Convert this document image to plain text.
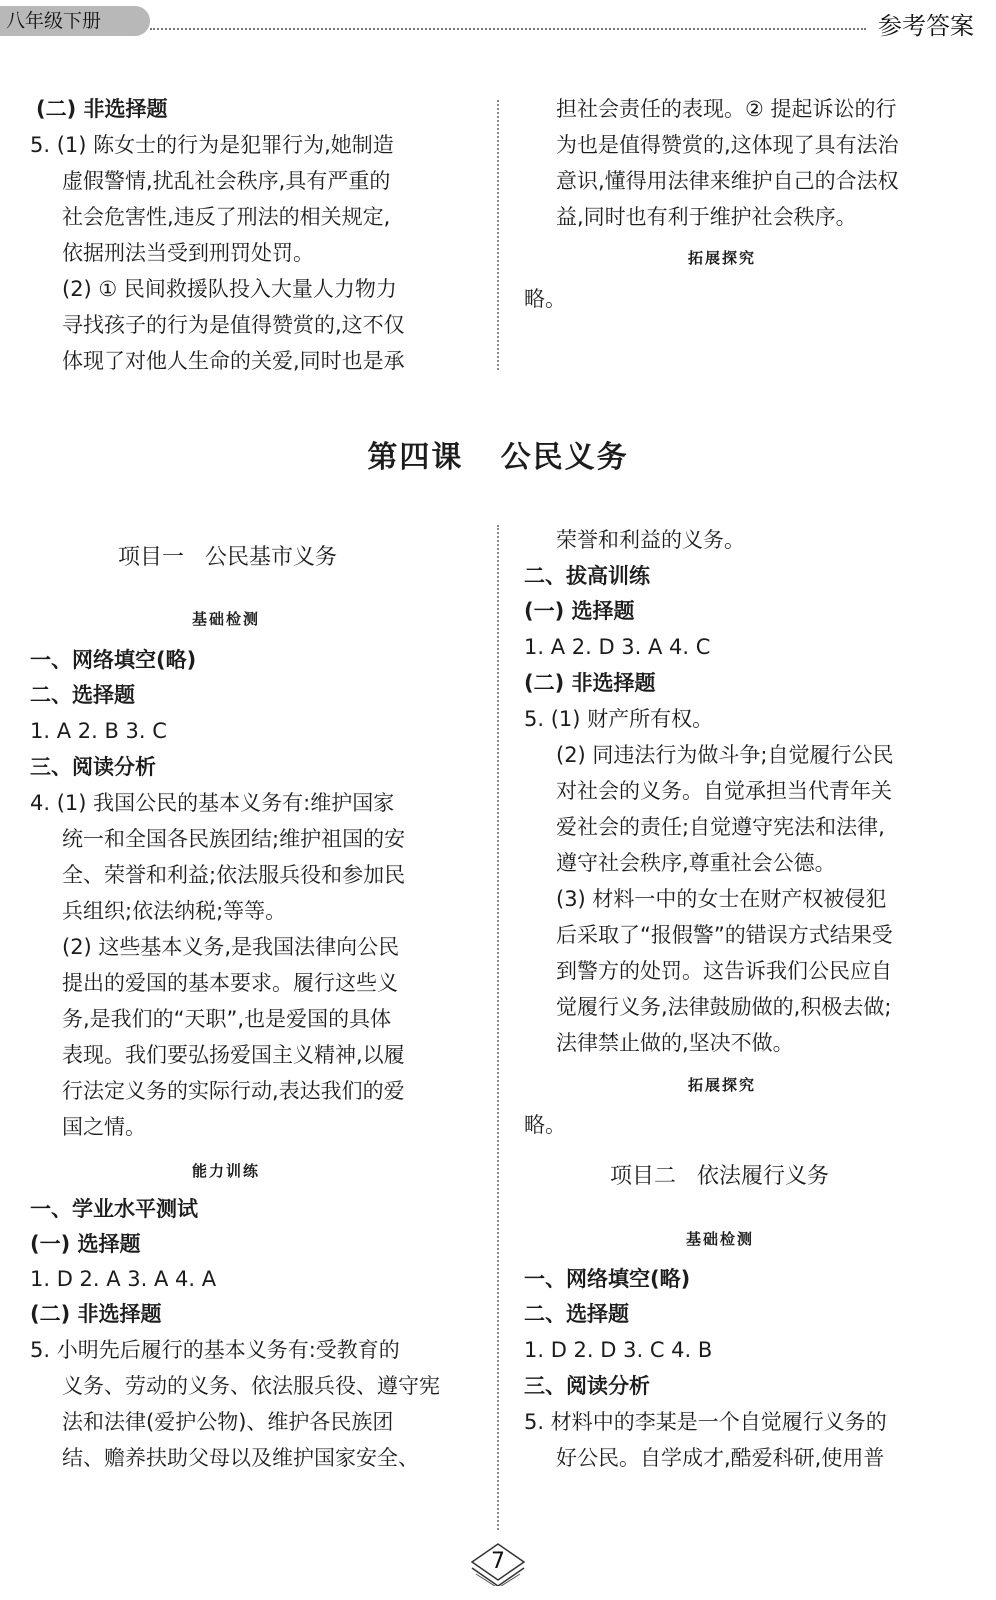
八年级下册	参考答案
(二) 非选择题
5. (1) 陈女士的行为是犯罪行为,她制造
虚假警情,扰乱社会秩序,具有严重的
社会危害性,违反了刑法的相关规定,
依据刑法当受到刑罚处罚。
(2) ① 民间救援队投入大量人力物力
寻找孩子的行为是值得赞赏的,这不仅
体现了对他人生命的关爱,同时也是承
担社会责任的表现。② 提起诉讼的行
为也是值得赞赏的,这体现了具有法治
意识,懂得用法律来维护自己的合法权
益,同时也有利于维护社会秩序。
拓展探究
略。
第四课   公民义务
项目一   公民基市义务
基础检测
一、网络填空(略)
二、选择题
1. A 2. B 3. C
三、阅读分析
4. (1) 我国公民的基本义务有:维护国家
统一和全国各民族团结;维护祖国的安
全、荣誉和利益;依法服兵役和参加民
兵组织;依法纳税;等等。
(2) 这些基本义务,是我国法律向公民
提出的爱国的基本要求。履行这些义
务,是我们的“天职”,也是爱国的具体
表现。我们要弘扬爱国主义精神,以履
行法定义务的实际行动,表达我们的爱
国之情。
能力训练
一、学业水平测试
(一) 选择题
1. D 2. A 3. A 4. A
(二) 非选择题
5. 小明先后履行的基本义务有:受教育的
义务、劳动的义务、依法服兵役、遵守宪
法和法律(爱护公物)、维护各民族团
结、赡养扶助父母以及维护国家安全、
荣誉和利益的义务。
二、拔高训练
(一) 选择题
1. A 2. D 3. A 4. C
(二) 非选择题
5. (1) 财产所有权。
(2) 同违法行为做斗争;自觉履行公民
对社会的义务。自觉承担当代青年关
爱社会的责任;自觉遵守宪法和法律,
遵守社会秩序,尊重社会公德。
(3) 材料一中的女士在财产权被侵犯
后采取了“报假警”的错误方式结果受
到警方的处罚。这告诉我们公民应自
觉履行义务,法律鼓励做的,积极去做;
法律禁止做的,坚决不做。
拓展探究
略。
项目二   依法履行义务
基础检测
一、网络填空(略)
二、选择题
1. D 2. D 3. C 4. B
三、阅读分析
5. 材料中的李某是一个自觉履行义务的
好公民。自学成才,酷爱科研,使用普
7
